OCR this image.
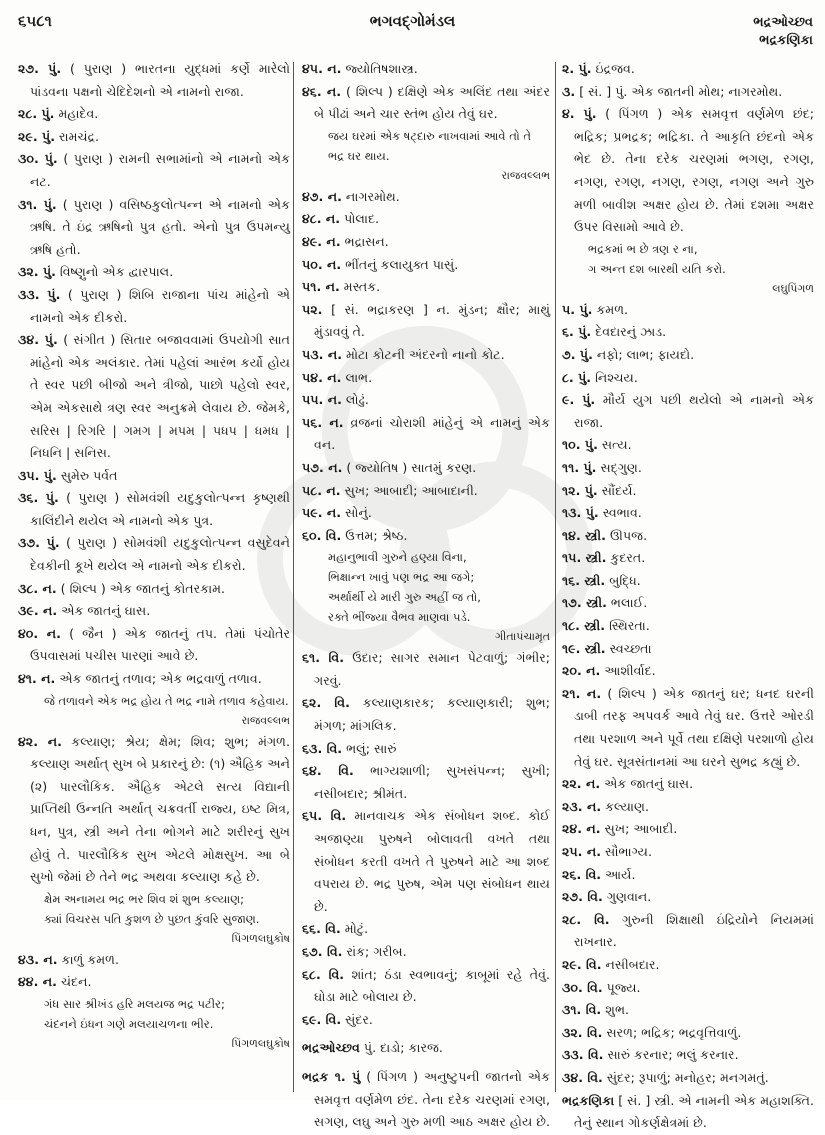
૬૫૮૧	ભગવદ્ગોમંડલ	ભદ્રઓચ્છવ
ભદ્રકણિકા
૨૭. પું. ( પુરાણ ) ભારતના યુદ્ધમાં કર્ણે મારેલો પાંડવના પક્ષનો ચેદિદેશનો એ નામનો રાજા.
૨૮. પું. મહાદેવ.
૨૯. પું. રામચંદ્ર.
૩૦. પું. ( પુરાણ ) રામની સભામાંનો એ નામનો એક નટ.
૩૧. પું. ( પુરાણ ) વસિષ્ઠકુલોત્પન્ન એ નામનો એક ઋષિ. તે ઇંદ્ર ઋષિનો પુત્ર હતો. એનો પુત્ર ઉપમન્યુ ઋષિ હતો.
૩૨. પું. વિષ્ણુનો એક દ્વારપાલ.
૩૩. પું. ( પુરાણ ) શિબિ રાજાના પાંચ માંહેનો એ નામનો એક દીકરો.
૩૪. પું. ( સંગીત ) સિતાર બજાવવામાં ઉપયોગી સાત માંહેનો એક અલંકાર. તેમાં પહેલાં આરંભ કર્યો હોય તે સ્વર પછી બીજો અને ત્રીજો, પાછો પહેલો સ્વર, એમ એકસાથે ત્રણ સ્વર અનુક્રમે લેવાય છે. જેમકે, સરિસ | રિગરિ | ગમગ | મપમ | પધપ | ધમધ | નિધનિ | સનિસ.
૩૫. પું. સુમેરુ પર્વત
૩૬. પું. ( પુરાણ ) સોમવંશી યદુકુલોત્પન્ન કૃષ્ણથી કાલિંદીને થયેલ એ નામનો એક પુત્ર.
૩૭. પું. ( પુરાણ ) સોમવંશી યદુકુલોત્પન્ન વસુદેવને દેવકીની કૂખે થયેલ એ નામનો એક દીકરો.
૩૮. ન. ( શિલ્પ ) એક જાતનું કોતરકામ.
૩૯. ન. એક જાતનું ઘાસ.
૪૦. ન. ( જૈન ) એક જાતનું તપ. તેમાં પંચોતેર ઉપવાસમાં પચીસ પારણાં આવે છે.
૪૧. ન. એક જાતનું તળાવ; એક ભદ્રવાળું તળાવ.
જે તળાવને એક ભદ્ર હોય તે ભદ્ર નામે તળાવ કહેવાય.
રાજવલ્લભ
૪૨. ન. કલ્યાણ; શ્રેય; ક્ષેમ; શિવ; શુભ; મંગળ. કલ્યાણ અર્થાત્ સુખ બે પ્રકારનું છે: (૧) ઐહિક અને (૨) પારલૌકિક. ઐહિક એટલે સત્ય વિદ્યાની પ્રાપ્તિથી ઉન્નતિ અર્થાત્ ચક્રવર્તી રાજ્ય, ઇષ્ટ મિત્ર, ધન, પુત્ર, સ્ત્રી અને તેના ભોગને માટે શરીરનું સુખ હોવું તે. પારલૌકિક સુખ એટલે મોક્ષસુખ. આ બે સુખો જેમાં છે તેને ભદ્ર અથવા કલ્યાણ કહે છે.
ક્ષેમ અનામય ભદ્ર ભર શિવ શં શુભ કલ્યાણ;
ક્યાં વિચરસ પતિ કુશળ છે પુછત કુંવરિ સુજાણ.
પિંગળલઘુકોષ
૪૩. ન. કાળું કમળ.
૪૪. ન. ચંદન.
ગંધ સાર શ્રીખંડ હરિ મલયજ ભદ્ર પટીર;
ચંદનને ઇંધન ગણે મલયાચળના ભીર.
પિંગળલઘુકોષ
૪૫. ન. જ્યોતિષશાસ્ત્ર.
૪૬. ન. ( શિલ્પ ) દક્ષિણે એક અલિંદ તથા અંદર બે પીઢાં અને ચાર સ્તંભ હોય તેવું ઘર.
જય ઘરમાં એક ષટ્દારુ નાખવામાં આવે તો તે ભદ્ર ઘર થાય.
રાજવલ્લભ
૪૭. ન. નાગરમોથ.
૪૮. ન. પોલાદ.
૪૯. ન. ભદ્રાસન.
૫૦. ન. ભીંતનું કલાયુક્ત પાસું.
૫૧. ન. મસ્તક.
૫૨. [ સં. ભદ્રાકરણ ] ન. મુંડન; ક્ષૌર; માથું મુંડાવવું તે.
૫૩. ન. મોટા કોટની અંદરનો નાનો કોટ.
૫૪. ન. લાભ.
૫૫. ન. લોઢું.
૫૬. ન. વ્રજનાં ચોરાશી માંહેનું એ નામનું એક વન.
૫૭. ન. ( જ્યોતિષ ) સાતમું કરણ.
૫૮. ન. સુખ; આબાદી; આબાદાની.
૫૯. ન. સોનું.
૬૦. વિ. ઉત્તમ; શ્રેષ્ઠ.
મહાનુભાવી ગુરુને હણ્યા વિના,
ભિક્ષાન્ન ખાવું પણ ભદ્ર આ જગે;
અર્થાર્થી યે મારી ગુરુ અહીં જ તો,
રક્તે ભીંજ્યા વૈભવ માણવા પડે.
ગીતાપંચામૃત
૬૧. વિ. ઉદાર; સાગર સમાન પેટવાળું; ગંભીર; ગરવું.
૬૨. વિ. કલ્યાણકારક; કલ્યાણકારી; શુભ; મંગળ; માંગલિક.
૬૩. વિ. ભલું; સારું
૬૪. વિ. ભાગ્યશાળી; સુખસંપન્ન; સુખી; નસીબદાર; શ્રીમંત.
૬૫. વિ. માનવાચક એક સંબોધન શબ્દ. કોઈ અજાણ્યા પુરુષને બોલાવતી વખતે તથા સંબોધન કરતી વખતે તે પુરુષને માટે આ શબ્દ વપરાય છે. ભદ્ર પુરુષ, એમ પણ સંબોધન થાય છે.
૬૬. વિ. મોટું.
૬૭. વિ. રાંક; ગરીબ.
૬૮. વિ. શાંત; ઠંડા સ્વભાવનું; કાબૂમાં રહે તેવું. ઘોડા માટે બોલાય છે.
૬૯. વિ. સુંદર.
ભદ્રઓચ્છવ પું. દાડો; કારજ.
ભદ્રક ૧. પું ( પિંગળ ) અનુષ્ટુપની જાતનો એક સમવૃત્ત વર્ણમેળ છંદ. તેના દરેક ચરણમાં રગણ, સગણ, લઘુ અને ગુરુ મળી આઠ અક્ષર હોય છે.
૨. પું. ઇંદ્રજવ.
૩. [ સં. ] પું. એક જાતની મોથ; નાગરમોથ.
૪. પું. ( પિંગળ ) એક સમવૃત્ત વર્ણમેળ છંદ; ભદ્રિક; પ્રભદ્રક; ભદ્રિકા. તે આકૃતિ છંદનો એક ભેદ છે. તેના દરેક ચરણમાં ભગણ, રગણ, નગણ, રગણ, નગણ, રગણ, નગણ અને ગુરુ મળી બાવીશ અક્ષર હોય છે. તેમાં દશમા અક્ષર ઉપર વિસામો આવે છે.
ભદ્રકમાં ભ છે ત્રણ ર ના,
ગ અન્ત દશ બારથી યતિ કરો.
લઘુપિંગળ
૫. પું. કમળ.
૬. પું. દેવદારનું ઝાડ.
૭. પું. નફો; લાભ; ફાયદો.
૮. પું. નિશ્ચય.
૯. પું. મૌર્ય યુગ પછી થયેલો એ નામનો એક રાજા.
૧૦. પું. સત્ય.
૧૧. પું. સદ્ગુણ.
૧૨. પું. સૌંદર્ય.
૧૩. પું. સ્વભાવ.
૧૪. સ્ત્રી. ઊપજ.
૧૫. સ્ત્રી. કુદરત.
૧૬. સ્ત્રી. બુદ્ધિ.
૧૭. સ્ત્રી. ભલાઈ.
૧૮. સ્ત્રી. સ્થિરતા.
૧૯. સ્ત્રી. સ્વચ્છતા
૨૦. ન. આશીર્વાદ.
૨૧. ન. ( શિલ્પ ) એક જાતનું ઘર; ધનદ ઘરની ડાબી તરફ અપવર્ક આવે તેવું ઘર. ઉત્તરે ઓરડી તથા પરશાળ અને પૂર્વે તથા દક્ષિણે પરશાળો હોય તેવું ઘર. સૂત્રસંતાનમાં આ ઘરને સુભદ્ર કહ્યું છે.
૨૨. ન. એક જાતનું ઘાસ.
૨૩. ન. કલ્યાણ.
૨૪. ન. સુખ; આબાદી.
૨૫. ન. સૌભાગ્ય.
૨૬. વિ. આર્ય.
૨૭. વિ. ગુણવાન.
૨૮. વિ. ગુરુની શિક્ષાથી ઇંદ્રિયોને નિયમમાં રાખનાર.
૨૯. વિ. નસીબદાર.
૩૦. વિ. પૂજ્ય.
૩૧. વિ. શુભ.
૩૨. વિ. સરળ; ભદ્રિક; ભદ્રવૃત્તિવાળું.
૩૩. વિ. સારું કરનાર; ભલું કરનાર.
૩૪. વિ. સુંદર; રૂપાળું; મનોહર; મનગમતું.
ભદ્રકણિકા [ સં. ] સ્ત્રી. એ નામની એક મહાશક્તિ. તેનું સ્થાન ગોકર્ણક્ષેત્રમાં છે.
